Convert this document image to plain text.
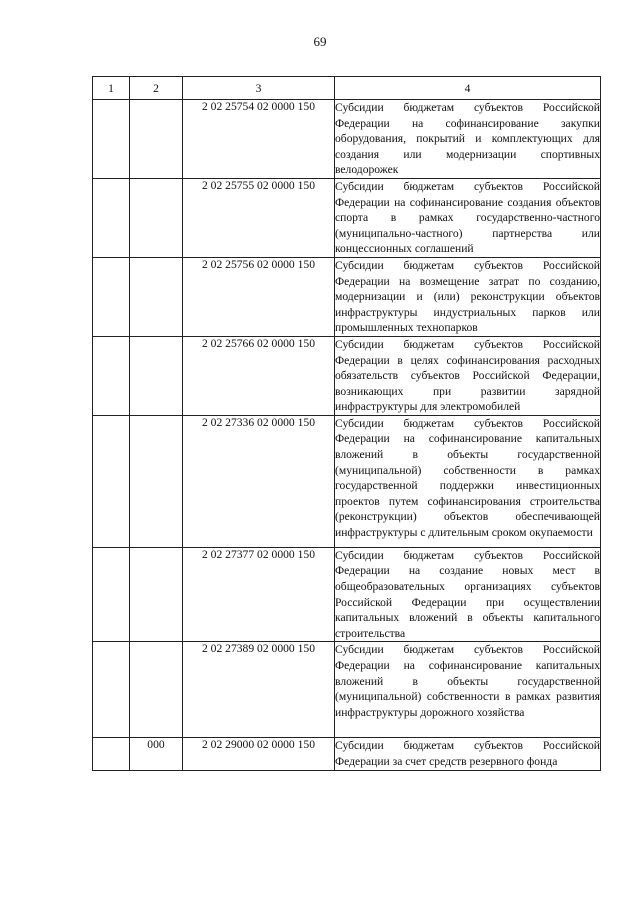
69
1	2	3	4
		2 02 25754 02 0000 150	Субсидии бюджетам субъектов Российской Федерации на софинансирование закупки оборудования, покрытий и комплектующих для создания или модернизации спортивных велодорожек
		2 02 25755 02 0000 150	Субсидии бюджетам субъектов Российской Федерации на софинансирование создания объектов спорта в рамках государственно-частного (муниципально-частного) партнерства или концессионных соглашений
		2 02 25756 02 0000 150	Субсидии бюджетам субъектов Российской Федерации на возмещение затрат по созданию, модернизации и (или) реконструкции объектов инфраструктуры индустриальных парков или промышленных технопарков
		2 02 25766 02 0000 150	Субсидии бюджетам субъектов Российской Федерации в целях софинансирования расходных обязательств субъектов Российской Федерации, возникающих при развитии зарядной инфраструктуры для электромобилей
		2 02 27336 02 0000 150	Субсидии бюджетам субъектов Российской Федерации на софинансирование капитальных вложений в объекты государственной (муниципальной) собственности в рамках государственной поддержки инвестиционных проектов путем софинансирования строительства (реконструкции) объектов обеспечивающей инфраструктуры с длительным сроком окупаемости
		2 02 27377 02 0000 150	Субсидии бюджетам субъектов Российской Федерации на создание новых мест в общеобразовательных организациях субъектов Российской Федерации при осуществлении капитальных вложений в объекты капитального строительства
		2 02 27389 02 0000 150	Субсидии бюджетам субъектов Российской Федерации на софинансирование капитальных вложений в объекты государственной (муниципальной) собственности в рамках развития инфраструктуры дорожного хозяйства
	000	2 02 29000 02 0000 150	Субсидии бюджетам субъектов Российской Федерации за счет средств резервного фонда
